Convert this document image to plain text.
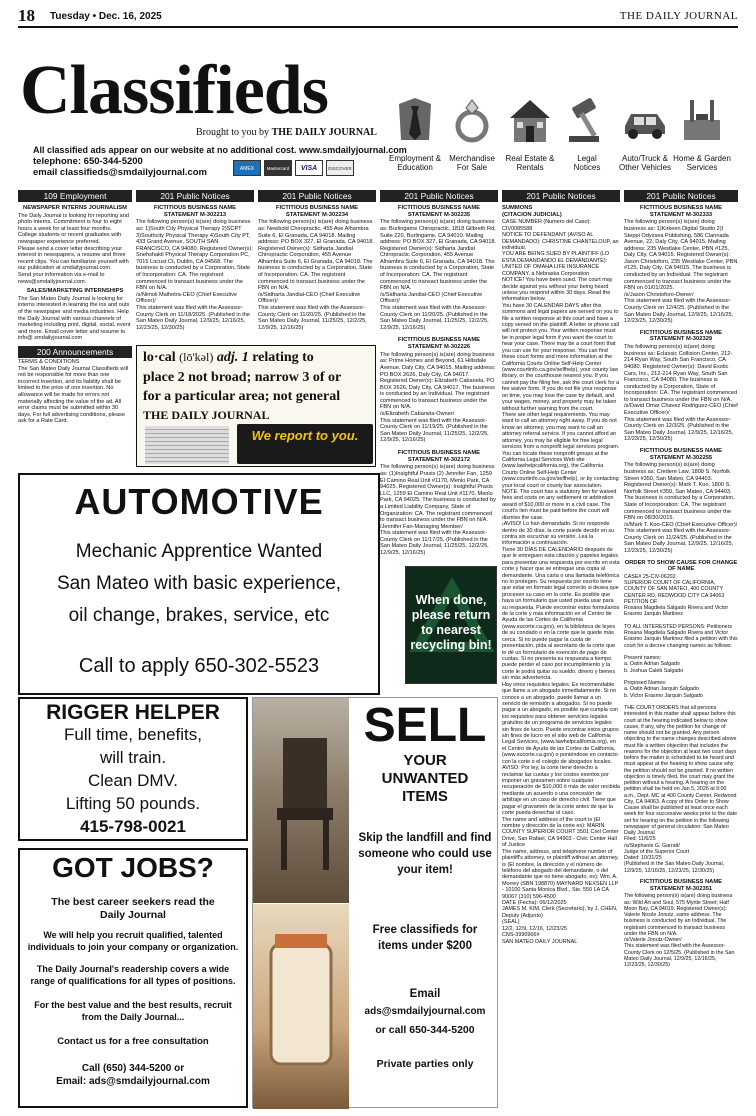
18 Tuesday • Dec. 16, 2025	THE DAILY JOURNAL
Classifieds
Brought to you by THE DAILY JOURNAL
All classified ads appear on our website at no additional cost. www.smdailyjournal.com
telephone: 650-344-5200
email classifieds@smdailyjournal.com	AMEX	Mastercard	VISA	DISCOVER
Employment &
Education
Merchandise
For Sale
Real Estate &
Rentals
Legal
Notices
Auto/Truck &
Other Vehicles
Home & Garden
Services
109 Employment
NEWSPAPER INTERNS JOURNALISM
The Daily Journal is looking for reporting and photo interns. Commitment is four to eight hours a week for at least four months. College students or recent graduates with newspaper experience preferred.
Please send a cover letter describing your interest in newspapers, a resume and three recent clips. You can familiarize yourself with our publication at smdailyjournal.com.
Send your information via e-mail to news@smdailyjournal.com.
SALES/MARKETING INTERNSHIPS
The San Mateo Daily Journal is looking for interns interested in learning the ins and outs of the newspaper and media industries. Help the Daily Journal with various channels of marketing including print, digital, social, event and more. Email cover letter and resume to info@ smdailyjournal.com
200 Announcements
TERMS & CONDITIONS
The San Mateo Daily Journal Classifieds will not be responsible for more than one incorrect insertion, and its liability shall be limited to the price of one insertion. No allowance will be made for errors not materially affecting the value of the ad. All error claims must be submitted within 30 days. For full advertising conditions, please ask for a Rate Card.
201 Public Notices
FICTITIOUS BUSINESS NAME STATEMENT M-302213
The following person(s) is(are) doing business as: 1)South City Physical Therapy 2)SCPT 3)Southcity Physical Therapy 4)South City PT, 433 Grand Avenue, SOUTH SAN FRANCISCO, CA 94080. Registered Owner(s): Snehshakti Physical Therapy Corporation PC, 7015 Locust Ct, Dublin, CA 94568. The business is conducted by a Corporation, State of Incorporation: CA. The registrant commenced to transact business under the FBN on N/A.
/s/Nimoli Malhotra-CEO (Chief Executive Officer)/
This statement was filed with the Assessor-County Clerk on 11/18/2025. (Published in the San Mateo Daily Journal, 12/9/25, 12/16/25, 12/23/25, 12/30/25)
201 Public Notices
FICTITIOUS BUSINESS NAME STATEMENT M-302234
The following person(s) is(are) doing business as: Newbold Chiropractic, 455 Ave Alhambra Suite 6, El Granada, CA 94018. Mailing address: PO BOX 327, El Granada, CA 94018. Registered Owner(s): Sidharta Jandial Chiropractic Corporation, 455 Avenue Alhambra Suite 6, El Granada, CA 94018. The business is conducted by a Corporation, State of Incorporation: CA. The registrant commenced to transact business under the FBN on N/A.
/s/Sidharta Jandial-CEO (Chief Executive Officer)/
This statement was filed with the Assessor-County Clerk on 11/20/25. (Published in the San Mateo Daily Journal, 11/25/25, 12/2/25, 12/9/25, 12/16/25)
201 Public Notices
FICTITIOUS BUSINESS NAME STATEMENT M-302235
The following person(s) is(are) doing business as: Burlingame Chiropractic, 1818 Gilbreth Rd, Suite 220, Burlingame, CA 94010. Mailing address: PO BOX 327, El Granada, CA 94018. Registered Owner(s): Sidharta Jandial Chiropractic Corporation, 455 Avenue Alhambra Suite 6, El Granada, CA 94018. The business is conducted by a Corporation, State of Incorporation: CA. The registrant commenced to transact business under the FBN on N/A.
/s/Sidharta Jandial-CEO (Chief Executive Officer)/
This statement was filed with the Assessor-County Clerk on 11/20/25. (Published in the San Mateo Daily Journal, 11/25/25, 12/2/25, 12/9/25, 12/16/25)
FICTITIOUS BUSINESS NAME STATEMENT M-302226
The following person(s) is(are) doing business as: Prime Homes and Beyond, 61 Hillsdale Avenue, Daly City, CA 94015. Mailing address: PO BOX 2626, Daly City, CA 94017. Registered Owner(s): Elizabeth Cabanela, PO BOX 2626, Daly City, CA 94017. The business is conducted by an Individual. The registrant commenced to transact business under the FBN on N/A.
/s/Elizabeth Cabanela-Owner/
This statement was filed with the Assessor-County Clerk on 11/19/25. (Published in the San Mateo Daily Journal, 11/25/25, 12/2/25, 12/9/25, 12/16/25)
FICTITIOUS BUSINESS NAME STATEMENT M-302172
The following person(s) is(are) doing business as: (1)Insightful Praxis (2) Jennifer Fan, 1259 El Camino Real Unit #1170, Menlo Park, CA 94025. Registered Owner(s): Insightful Praxis LLC, 1259 El Camino Real Unit #1170, Menlo Park, CA 94025. The business is conducted by a Limited Liability Company, State of Organization: CA. The registrant commenced to transact business under the FBN on N/A.
/Jennifer Fan-Managing Member/
This statement was filed with the Assessor-County Clerk on 11/17/25. (Published in the San Mateo Daily Journal, 11/25/25, 12/2/25, 12/9/25, 12/16/25)
201 Public Notices
SUMMONS
(CITACION JUDICIAL)
CASE NUMBER (Numero del Caso): CIV0085588
NOTICE TO DEFENDANT (AVISO AL DEMANDADO): CHRISTINE CHANTELOUP, an individual.
YOU ARE BEING SUED BY PLAINTIFF (LO ESTA DEMANDANDO EL DEMANDANTE): UNITED OF OMAHA LIFE INSURANCE COMPANY, a Nebraska Corporation
NOTICE! You have been sued. The court may decide against you without your being heard unless you respond within 30 days. Read the information below.
You have 30 CALENDAR DAYS after this summons and legal papers are served on you to file a written response at this court and have a copy served on the plaintiff. A letter or phone call will not protect you. Your written response must be in proper legal form if you want the court to hear your case. There may be a court form that you can use for your response. You can find these court forms and more information at the California Courts Online Self-Help Center (www.courtinfo.ca.gov/selfhelp), your county law library, or the courthouse nearest you. If you cannot pay the filing fee, ask the court clerk for a fee waiver form. If you do not file your response on time, you may lose the case by default, and your wages, money, and property may be taken without further warning from the court.
There are other legal requirements. You may want to call an attorney right away. If you do not know an attorney, you may want to call an attorney referral service. If you cannot afford an attorney, you may be eligible for free legal services from a nonprofit legal services program. You can locate these nonprofit groups at the California Legal Services Web site (www.lawhelpcalifornia.org), the California Courts Online Self-Help Center (www.courtinfo.ca.gov/selfhelp), or by contacting your local court or county bar association. NOTE: The court has a statutory lien for waived fees and costs on any settlement or arbitration award of $10,000 or more in a civil case. The court's lien must be paid before the court will dismiss the case.
¡AVISO! Lo han demandado. Si no responde dentro de 30 días, la corte puede decidir en su contra sin escuchar su versión. Lea la información a continuación.
Tiene 30 DÍAS DE CALENDARIO después de que le entreguen esta citación y papeles legales para presentar una respuesta por escrito en esta corte y hacer que se entregue una copia al demandante. Una carta o una llamada telefónica no lo protegen. Su respuesta por escrito tiene que estar en formato legal correcto si desea que procesen su caso en la corte. Es posible que haya un formulario que usted pueda usar para su respuesta. Puede encontrar estos formularios de la corte y más información en el Centro de Ayuda de las Cortes de California (www.sucorte.ca.gov), en la biblioteca de leyes de su condado o en la corte que le quede más cerca. Si no puede pagar la cuota de presentación, pida al secretario de la corte que le dé un formulario de exención de pago de cuotas. Si no presenta su respuesta a tiempo, puede perder el caso por incumplimiento y la corte le podrá quitar su sueldo, dinero y bienes sin más advertencia.
Hay otros requisitos legales. Es recomendable que llame a un abogado inmediatamente. Si no conoce a un abogado, puede llamar a un servicio de remisión a abogados. Si no puede pagar a un abogado, es posible que cumpla con los requisitos para obtener servicios legales gratuitos de un programa de servicios legales sin fines de lucro. Puede encontrar estos grupos sin fines de lucro en el sitio web de California Legal Services, (www.lawhelpcalifornia.org), en el Centro de Ayuda de las Cortes de California, (www.sucorte.ca.gov) o poniéndose en contacto con la corte o el colegio de abogados locales. AVISO: Por ley, la corte tiene derecho a reclamar las cuotas y los costos exentos por imponer un gravamen sobre cualquier recuperación de $10,000 ó más de valor recibida mediante un acuerdo o una concesión de arbitraje en un caso de derecho civil. Tiene que pagar el gravamen de la corte antes de que la corte pueda desechar el caso.
The name and address of the court is (El nombre y dirección de la corte es): MARIN COUNTY SUPERIOR COURT 3501 Civil Center Drive, San Rafael, CA 94903 - Civic Center Hall of Justice
The name, address, and telephone number of plaintiff's attorney, or plaintiff without an attorney, is (El nombre, la dirección y el número de teléfono del abogado del demandante, o del demandante que no tiene abogado, es): Wm. A. Morrey (SBN 198870) MAYNARD NEXSEN LLP - 10100 Santa Monica Blvd., Ste. 550 LA CA 90067 (310) 596-4500
DATE (Fecha): 06/12/2025
JAMES M. KIM, Clerk (Secretario), by J. CHEN, Deputy (Adjunto)
(SEAL)
12/2, 12/9, 12/16, 12/23/25
CNS-3990966#
SAN MATEO DAILY JOURNAL
201 Public Notices
FICTITIOUS BUSINESS NAME STATEMENT M-302333
The following person(s) is(are) doing business as: 1)Kirkeen Digital Studio 2)I Steppi Odyssea Publishing, 586 Clannada Avenue, 22, Daly City, CA 94015. Mailing address: 235 Westlake Center, PBN #125, Daly City, CA 94015. Registered Owner(s): Jason Christoforo, 235 Westlake Center, PBN #125, Daly City, CA 94015. The business is conducted by an Individual. The registrant commenced to transact business under the FBN on 01/01/2025.
/s/Jason Christoforo-Owner/
This statement was filed with the Assessor-County Clerk on 12/4/25. (Published in the San Mateo Daily Journal, 12/9/25, 12/16/25, 12/23/25, 12/30/25)
FICTITIOUS BUSINESS NAME STATEMENT M-302329
The following person(s) is(are) doing business as: Eclassic Collision Center, 212-214 Ryan Way, South San Francisco, CA 94080. Registered Owner(s): David Exotic Cars, Inc., 212-214 Ryan Way, South San Francisco, CA 94080. The business is conducted by a Corporation, State of Incorporation: CA. The registrant commenced to transact business under the FBN on N/A.
/s/David Omar Chavez Rodriguez-CEO (Chief Executive Officer)/
This statement was filed with the Assessor-County Clerk on 12/3/25. (Published in the San Mateo Daily Journal, 12/9/25, 12/16/25, 12/23/25, 12/30/25)
FICTITIOUS BUSINESS NAME STATEMENT M-302255
The following person(s) is(are) doing business as: Credere Law, 1800 S. Norfolk Street #350, San Mateo, CA 94403. Registered Owner(s): Mark T. Koo, 1800 S. Norfolk Street #350, San Mateo, CA 94403. The business is conducted by a Corporation, State of Incorporation: CA. The registrant commenced to transact business under the FBN on 08/30/2015.
/s/Mark T. Koo-CEO (Chief Executive Officer)/
This statement was filed with the Assessor-County Clerk on 11/24/25. (Published in the San Mateo Daily Journal, 12/9/25, 12/16/25, 12/23/25, 12/30/25)
ORDER TO SHOW CAUSE FOR CHANGE OF NAME
CASE# 25-CIV-06202
SUPERIOR COURT OF CALIFORNIA, COUNTY OF SAN MATEO, 400 COUNTY CENTER RD, REDWOOD CITY CA 94063
PETITION OF
Roxana Magdiela Salgado Rivera and Victor Erasmo Jarquin Martinez

TO ALL INTERESTED PERSONS: Petitioners Roxana Magdiela Salgado Rivera and Victor Erasmo Jarquin Martinez filed a petition with this court for a decree changing names as follows:

Present names:
a. Oatin Adrian Salgado
b. Joshua Caleb Salgado

Proposed Names:
a. Oatin Adrian Jarquin Salgado
b. Victor Erasmo Jarquin Salgado

THE COURT ORDERS that all persons interested in this matter shall appear before this court at the hearing indicated below to show cause, if any, why the petition for change of name should not be granted. Any person objecting to the name changes described above must file a written objection that includes the reasons for the objection at least two court days before the matter is scheduled to be heard and must appear at the hearing to show cause why the petition should not be granted. If no written objection is timely filed, the court may grant the petition without a hearing. A hearing on the petition shall be held on Jan 5, 2026 at 9:00 a.m., Dept. MC at 400 County Center, Redwood City, CA 94063. A copy of this Order to Show Cause shall be published at least once each week for four successive weeks prior to the date set for hearing on the petition in the following newspaper of general circulation: San Mateo Daily Journal
Filed: 11/6/25
/s/Stephanie G. Garratt/
Judge of the Superior Court
Dated: 10/31/25
(Published in the San Mateo Daily Journal, 12/9/25, 12/16/25, 12/23/25, 12/30/25)
FICTITIOUS BUSINESS NAME STATEMENT M-302351
The following person(s) is(are) doing business as: Wild Art and Soul, 575 Myrtle Street; Half Moon Bay, CA 94019. Registered Owner(s): Valerie Nicole Jonutz, same address. The business is conducted by an Individual. The registrant commenced to transact business under the FBN on N/A.
/s/Valerie Jonutz-Owner/
This statement was filed with the Assessor-County Clerk on 12/5/25. (Published in the San Mateo Daily Journal, 12/9/25, 12/16/25, 12/23/25, 12/30/25)
lo·cal (lō'kəl) adj. 1 relating to
place 2 not broad; narrow 3 of or
for a particular area; not general
THE DAILY JOURNAL
We report to you.
AUTOMOTIVE
Mechanic Apprentice Wanted
San Mateo with basic experience,
oil change, brakes, service, etc
Call to apply 650-302-5523
When done, please return to nearest recycling bin!
RIGGER HELPER
Full time, benefits,
will train.
Clean DMV.
Lifting 50 pounds.
415-798-0021
GOT JOBS?
The best career seekers read the Daily Journal
We will help you recruit qualified, talented individuals to join your company or organization.
The Daily Journal's readership covers a wide range of qualifications for all types of positions.
For the best value and the best results, recruit from the Daily Journal...
Contact us for a free consultation
Call (650) 344-5200 or
Email: ads@smdailyjournal.com
SELL
YOUR
UNWANTED
ITEMS
Skip the landfill and find someone who could use your item!
Free classifieds for items under $200
Email
ads@smdailyjournal.com
or call 650-344-5200
Private parties only
